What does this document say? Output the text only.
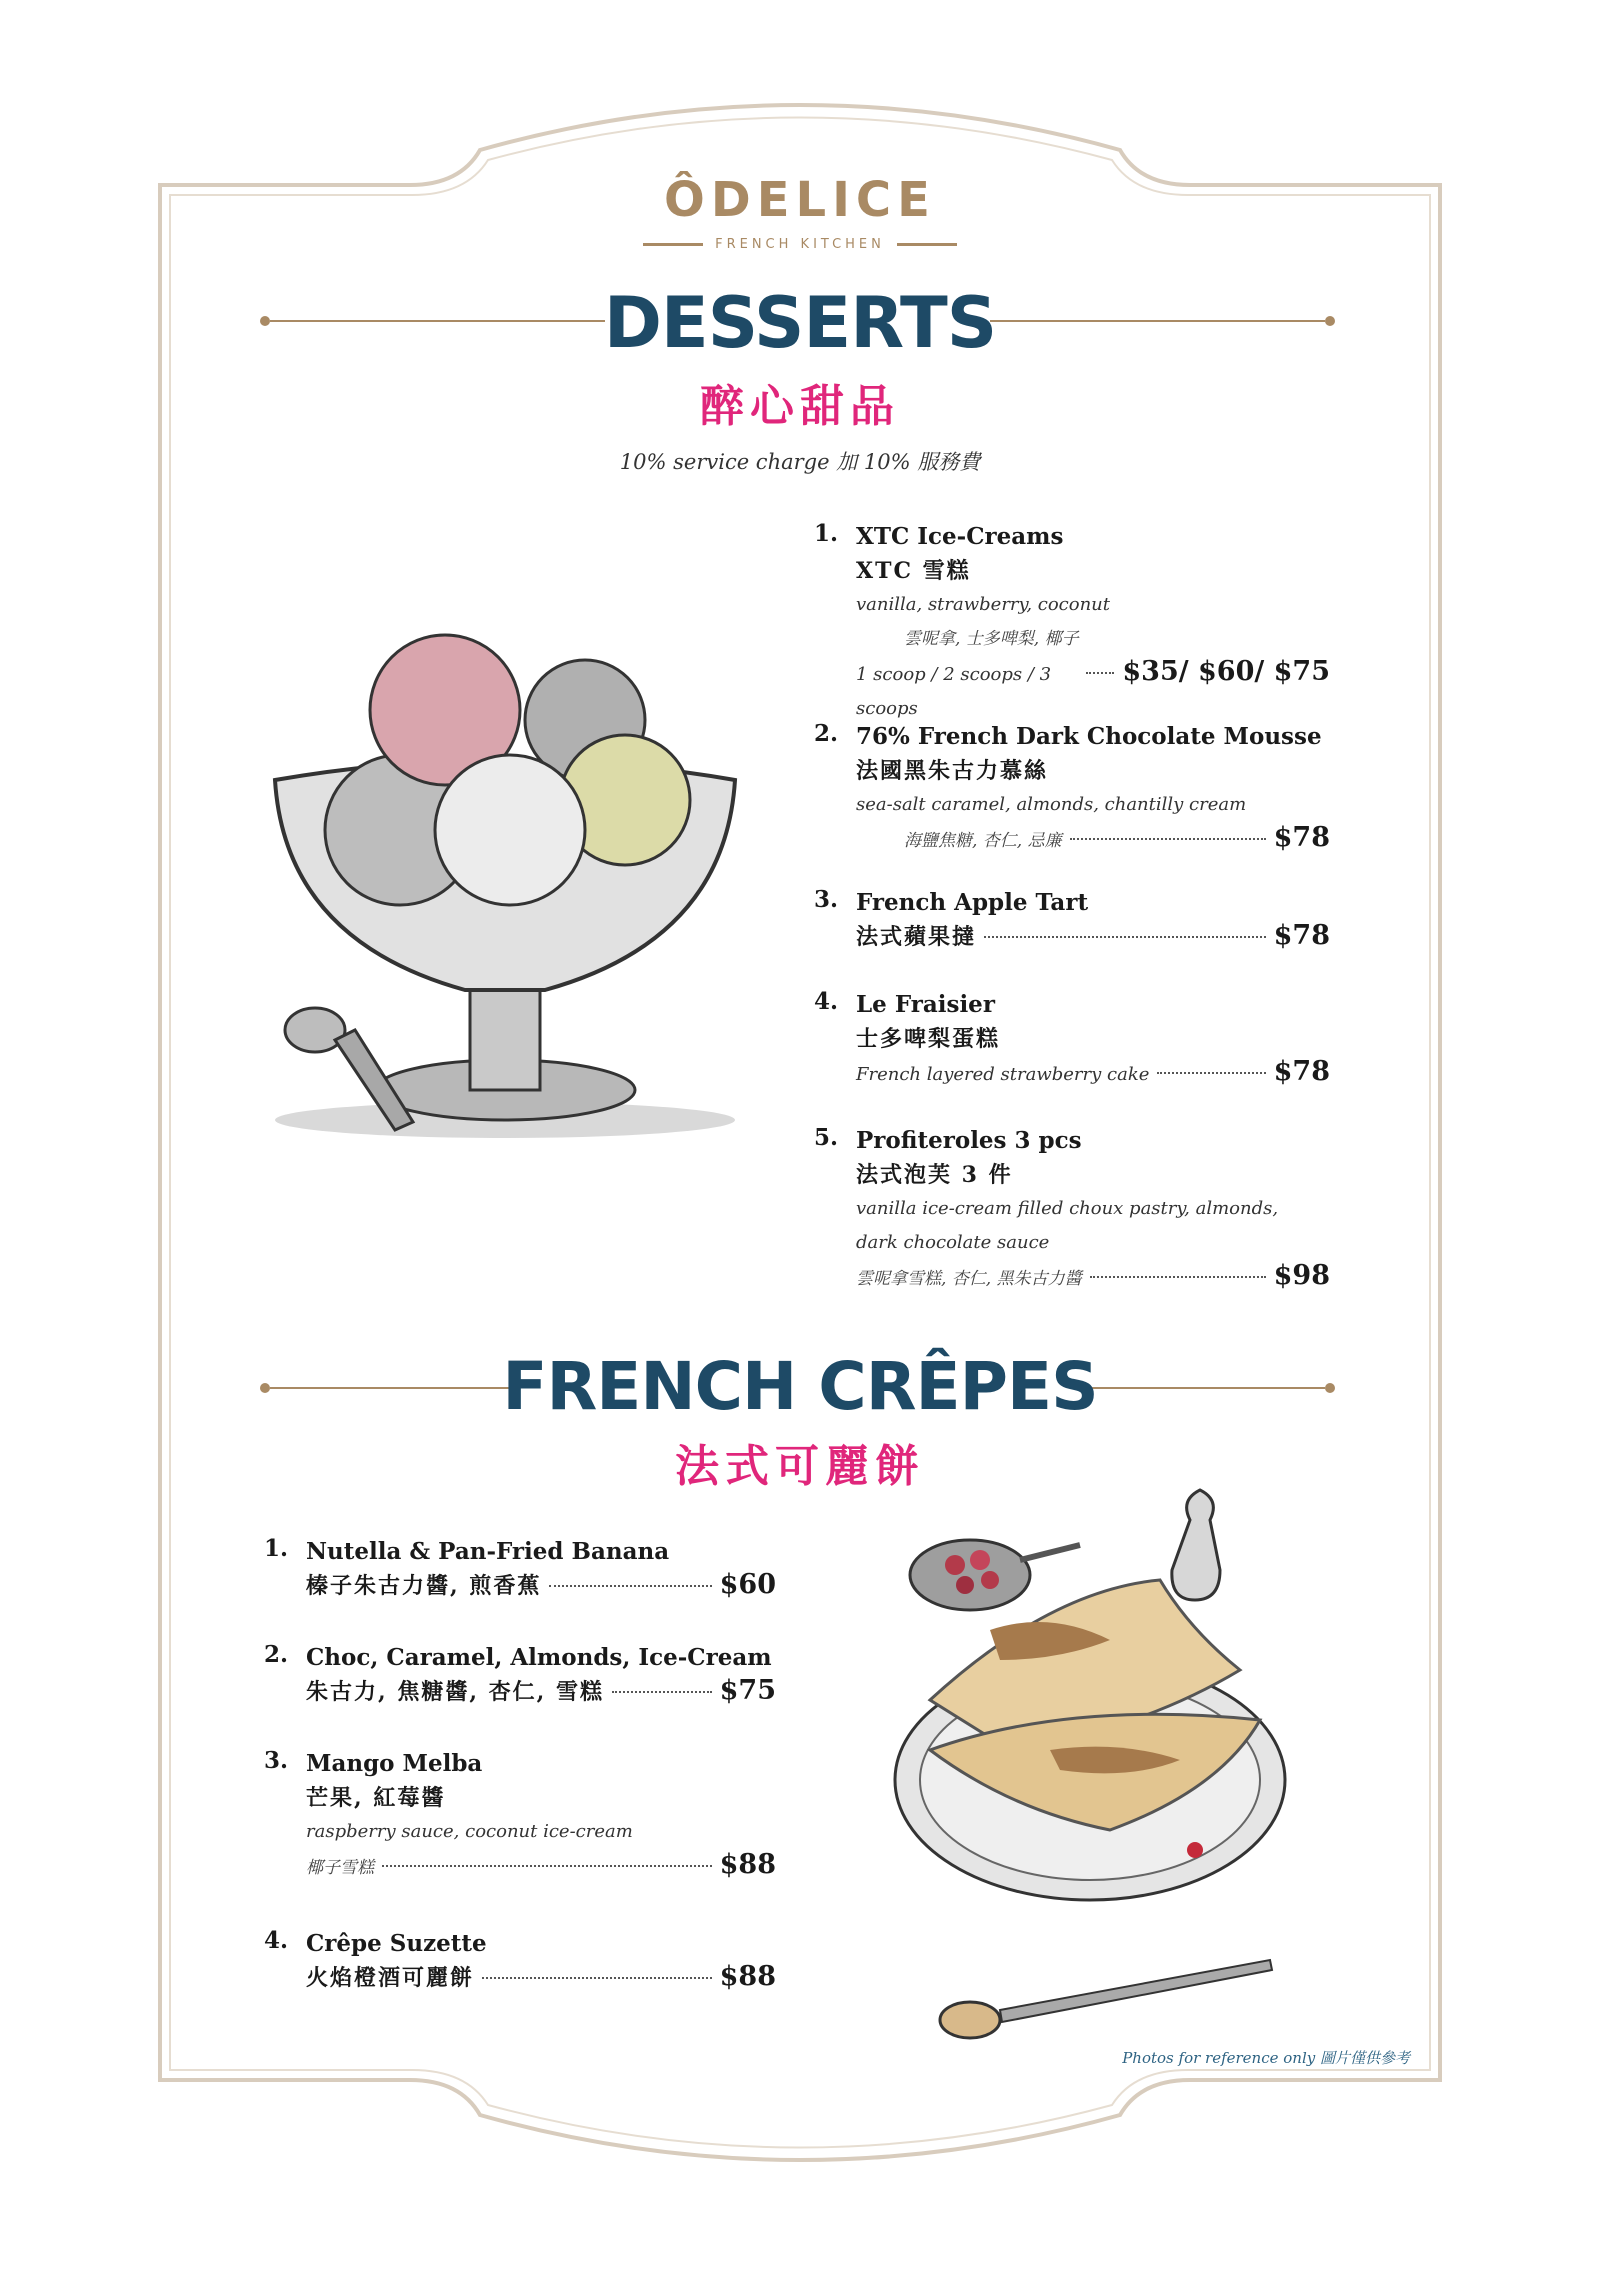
ÔDELICE
FRENCH KITCHEN
DESSERTS
醉心甜品
10% service charge 加 10% 服務費
1. XTC Ice-Creams
XTC 雪糕
vanilla, strawberry, coconut
雲呢拿, 士多啤梨, 椰子
1 scoop / 2 scoops / 3 scoops
$35/ $60/ $75
2. 76% French Dark Chocolate Mousse
法國黑朱古力慕絲
sea-salt caramel, almonds, chantilly cream
海鹽焦糖, 杏仁, 忌廉	$78
3. French Apple Tart
法式蘋果撻	$78
4. Le Fraisier
士多啤梨蛋糕
French layered strawberry cake	$78
5. Profiteroles 3 pcs
法式泡芙 3 件
vanilla ice-cream filled choux pastry, almonds,
dark chocolate sauce
雲呢拿雪糕, 杏仁, 黑朱古力醬	$98
FRENCH CRÊPES
法式可麗餅
1. Nutella & Pan-Fried Banana
榛子朱古力醬, 煎香蕉	$60
2. Choc, Caramel, Almonds, Ice-Cream
朱古力, 焦糖醬, 杏仁, 雪糕	$75
3. Mango Melba
芒果, 紅莓醬
raspberry sauce, coconut ice-cream
椰子雪糕	$88
4. Crêpe Suzette
火焰橙酒可麗餅	$88
Photos for reference only 圖片僅供參考
